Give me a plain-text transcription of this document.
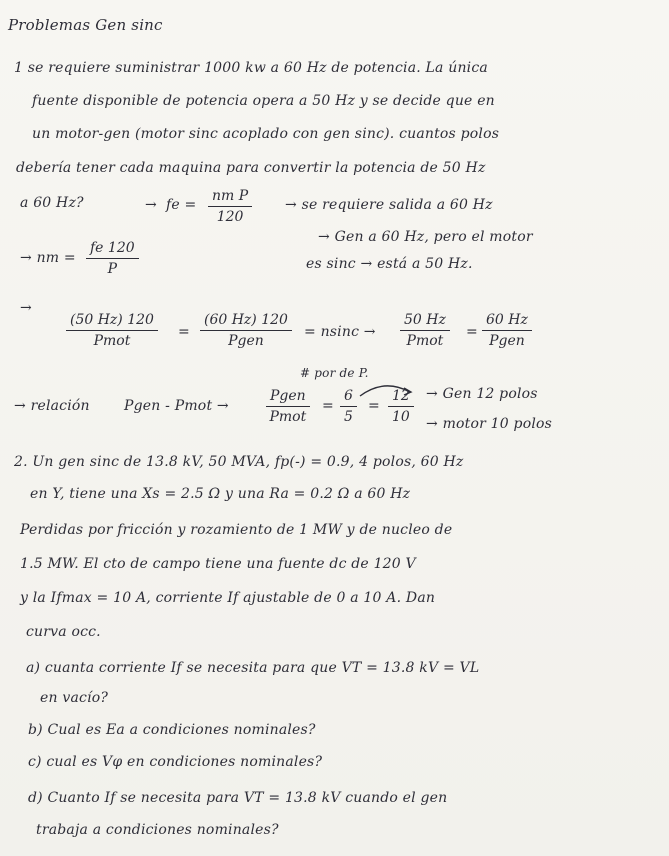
Problemas Gen sinc
1 se requiere suministrar 1000 kw a 60 Hz de potencia. La única
fuente disponible de potencia opera a 50 Hz y se decide que en
un motor-gen (motor sinc acoplado con gen sinc). cuantos polos
debería tener cada maquina para convertir la potencia de 50 Hz
a 60 Hz?	→ fe = $\frac{\text{nm P}}{120}$ → se requiere salida a 60 Hz
→ Gen a 60 Hz, pero el motor
es sinc → está a 50 Hz.
→ nm = $\frac{fe 120}{P}$
→
(50 Hz) 120
Pmot
=
(60 Hz) 120
Pgen
= nsinc →
50 Hz
Pmot
=
60 Hz
Pgen
# por de P.
→ relación Pgen - Pmot →
Pgen
Pmot
= $\frac{6}{5} = \frac{12}{10}$ → Gen 12 polos
→ motor 10 polos
2. Un gen sinc de 13.8 kV, 50 MVA, fp(-) = 0.9, 4 polos, 60 Hz
en Y, tiene una Xs = 2.5 Ω y una Ra = 0.2 Ω a 60 Hz
Perdidas por fricción y rozamiento de 1 MW y de nucleo de
1.5 MW. El cto de campo tiene una fuente dc de 120 V
y la Ifmax = 10 A, corriente If ajustable de 0 a 10 A. Dan
curva occ.
a) cuanta corriente If se necesita para que VT = 13.8 kV = VL
en vacío?
b) Cual es Ea a condiciones nominales?
c) cual es Vφ en condiciones nominales?
d) Cuanto If se necesita para VT = 13.8 kV cuando el gen
trabaja a condiciones nominales?
